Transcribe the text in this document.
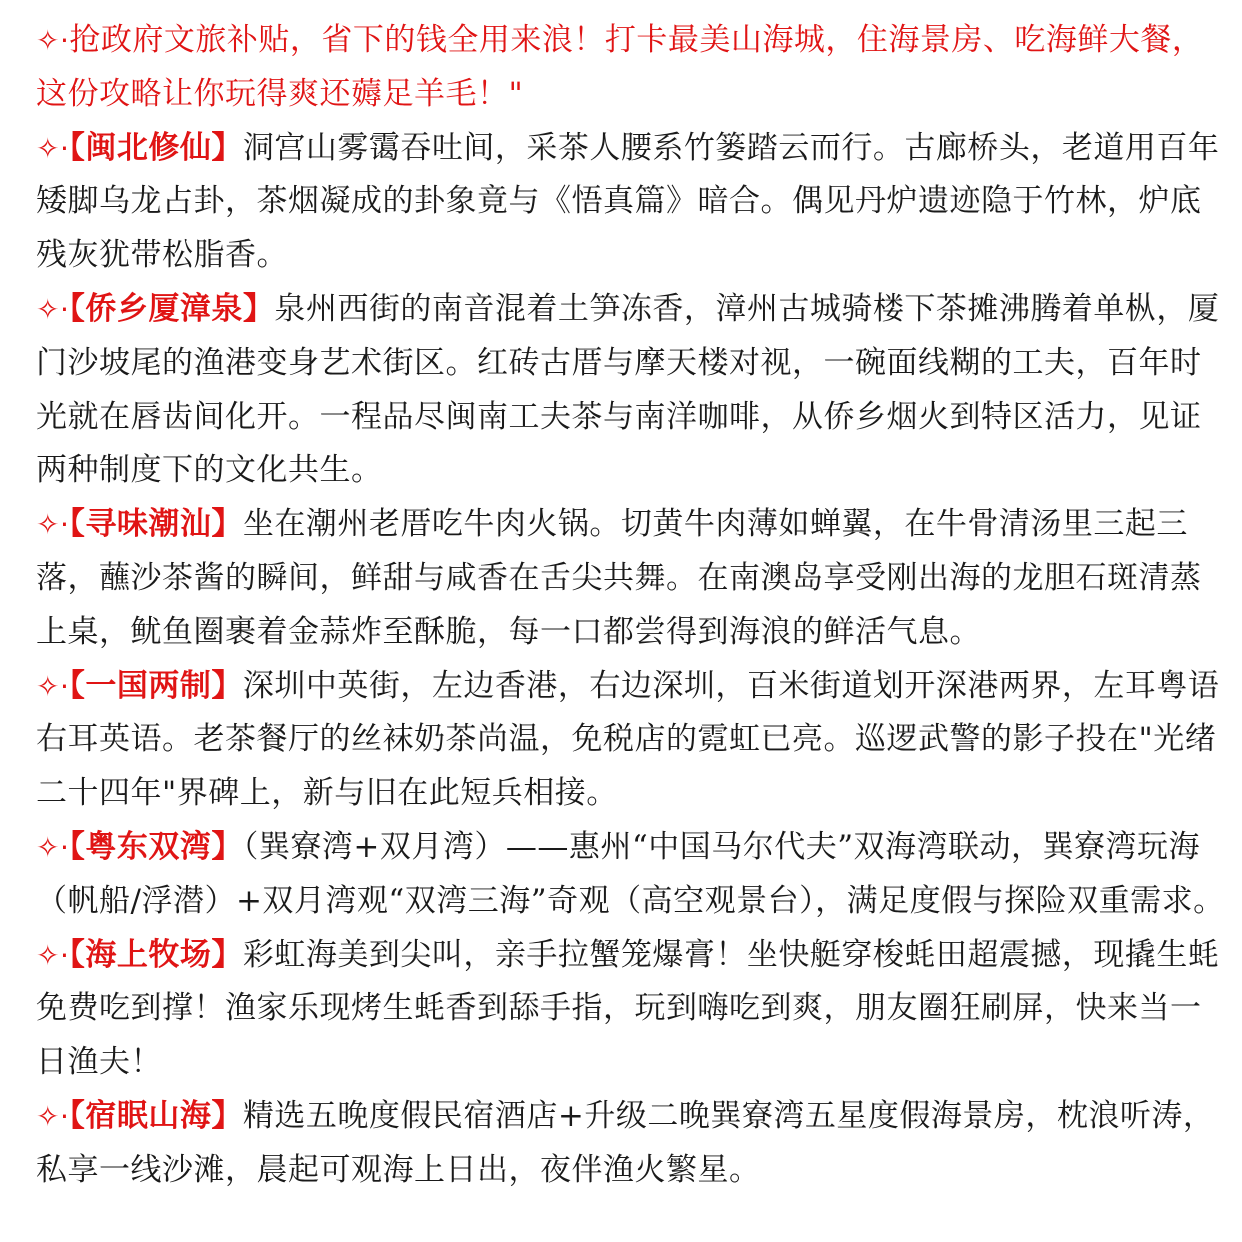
✧·抢政府文旅补贴，省下的钱全用来浪！打卡最美山海城，住海景房、吃海鲜大餐，这份攻略让你玩得爽还薅足羊毛！"

✧·【闽北修仙】洞宫山雾霭吞吐间，采茶人腰系竹篓踏云而行。古廊桥头，老道用百年矮脚乌龙占卦，茶烟凝成的卦象竟与《悟真篇》暗合。偶见丹炉遗迹隐于竹林，炉底残灰犹带松脂香。

✧·【侨乡厦漳泉】泉州西街的南音混着土笋冻香，漳州古城骑楼下茶摊沸腾着单枞，厦门沙坡尾的渔港变身艺术街区。红砖古厝与摩天楼对视，一碗面线糊的工夫，百年时光就在唇齿间化开。一程品尽闽南工夫茶与南洋咖啡，从侨乡烟火到特区活力，见证两种制度下的文化共生。

✧·【寻味潮汕】坐在潮州老厝吃牛肉火锅。切黄牛肉薄如蝉翼，在牛骨清汤里三起三落，蘸沙茶酱的瞬间，鲜甜与咸香在舌尖共舞。在南澳岛享受刚出海的龙胆石斑清蒸上桌，鱿鱼圈裹着金蒜炸至酥脆，每一口都尝得到海浪的鲜活气息。

✧·【一国两制】深圳中英街，左边香港，右边深圳，百米街道划开深港两界，左耳粤语右耳英语。老茶餐厅的丝袜奶茶尚温，免税店的霓虹已亮。巡逻武警的影子投在"光绪二十四年"界碑上，新与旧在此短兵相接。

✧·【粤东双湾】（巽寮湾+双月湾）——惠州“中国马尔代夫”双海湾联动，巽寮湾玩海（帆船/浮潜）+双月湾观“双湾三海”奇观（高空观景台），满足度假与探险双重需求。

✧·【海上牧场】彩虹海美到尖叫，亲手拉蟹笼爆膏！坐快艇穿梭蚝田超震撼，现撬生蚝免费吃到撑！渔家乐现烤生蚝香到舔手指，玩到嗨吃到爽，朋友圈狂刷屏，快来当一日渔夫！

✧·【宿眠山海】精选五晚度假民宿酒店+升级二晚巽寮湾五星度假海景房，枕浪听涛，私享一线沙滩，晨起可观海上日出，夜伴渔火繁星。
